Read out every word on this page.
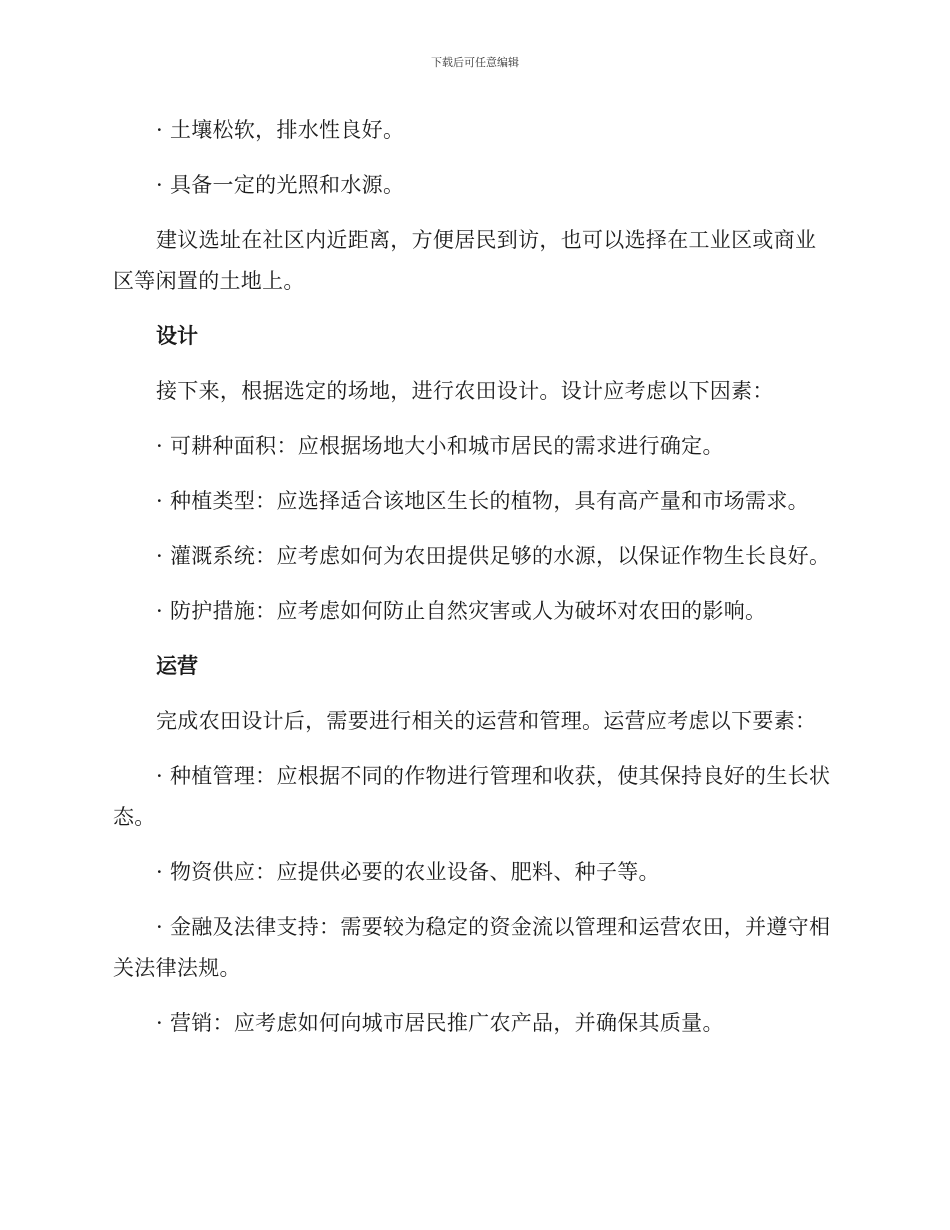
下载后可任意编辑

· 土壤松软，排水性良好。

· 具备一定的光照和水源。

建议选址在社区内近距离，方便居民到访，也可以选择在工业区或商业区等闲置的土地上。

设计

接下来，根据选定的场地，进行农田设计。设计应考虑以下因素：

· 可耕种面积：应根据场地大小和城市居民的需求进行确定。

· 种植类型：应选择适合该地区生长的植物，具有高产量和市场需求。

· 灌溉系统：应考虑如何为农田提供足够的水源，以保证作物生长良好。

· 防护措施：应考虑如何防止自然灾害或人为破坏对农田的影响。

运营

完成农田设计后，需要进行相关的运营和管理。运营应考虑以下要素：

· 种植管理：应根据不同的作物进行管理和收获，使其保持良好的生长状态。

· 物资供应：应提供必要的农业设备、肥料、种子等。

· 金融及法律支持：需要较为稳定的资金流以管理和运营农田，并遵守相关法律法规。

· 营销：应考虑如何向城市居民推广农产品，并确保其质量。
